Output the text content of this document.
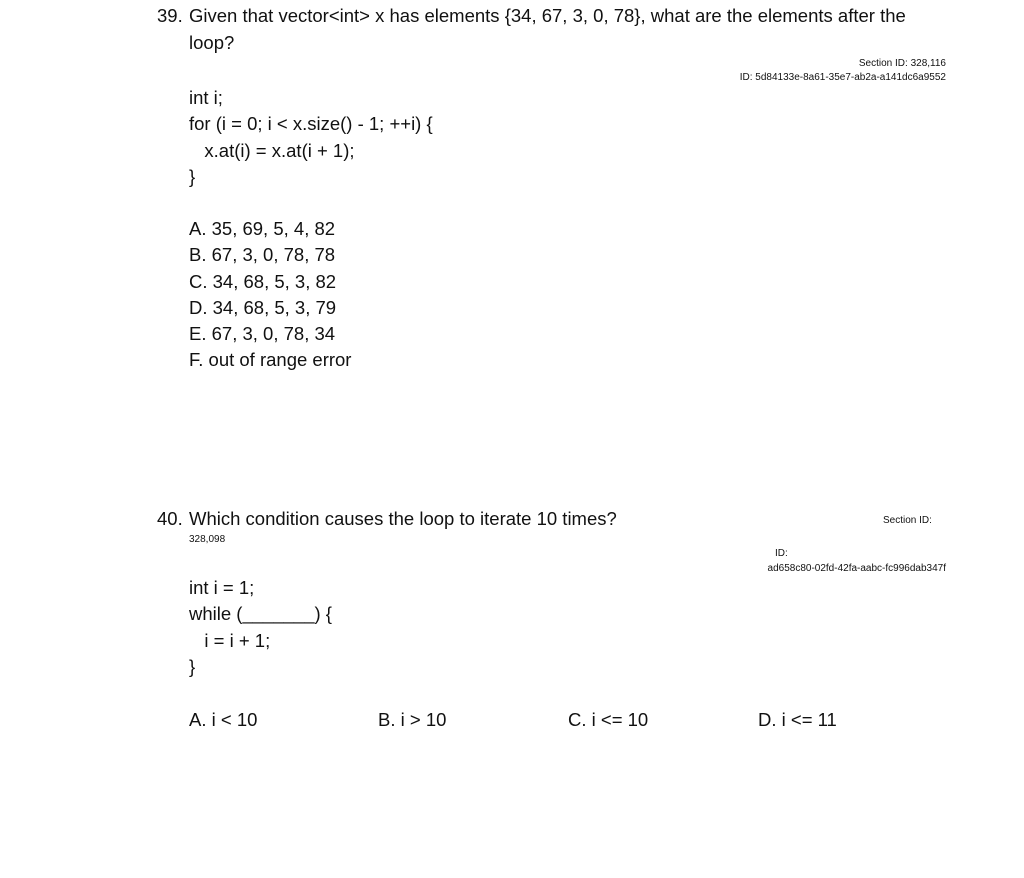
39. Given that vector<int> x has elements {34, 67, 3, 0, 78}, what are the elements after the
loop?
Section ID: 328,116
ID: 5d84133e-8a61-35e7-ab2a-a141dc6a9552
int i;
for (i = 0; i < x.size() - 1; ++i) {
x.at(i) = x.at(i + 1);
}
A. 35, 69, 5, 4, 82
B. 67, 3, 0, 78, 78
C. 34, 68, 5, 3, 82
D. 34, 68, 5, 3, 79
E. 67, 3, 0, 78, 34
F. out of range error
40. Which condition causes the loop to iterate 10 times?	Section ID:
328,098
ID:
ad658c80-02fd-42fa-aabc-fc996dab347f
int i = 1;
while (_______) {
i = i + 1;
}
A. i < 10	B. i > 10	C. i <= 10	D. i <= 11
